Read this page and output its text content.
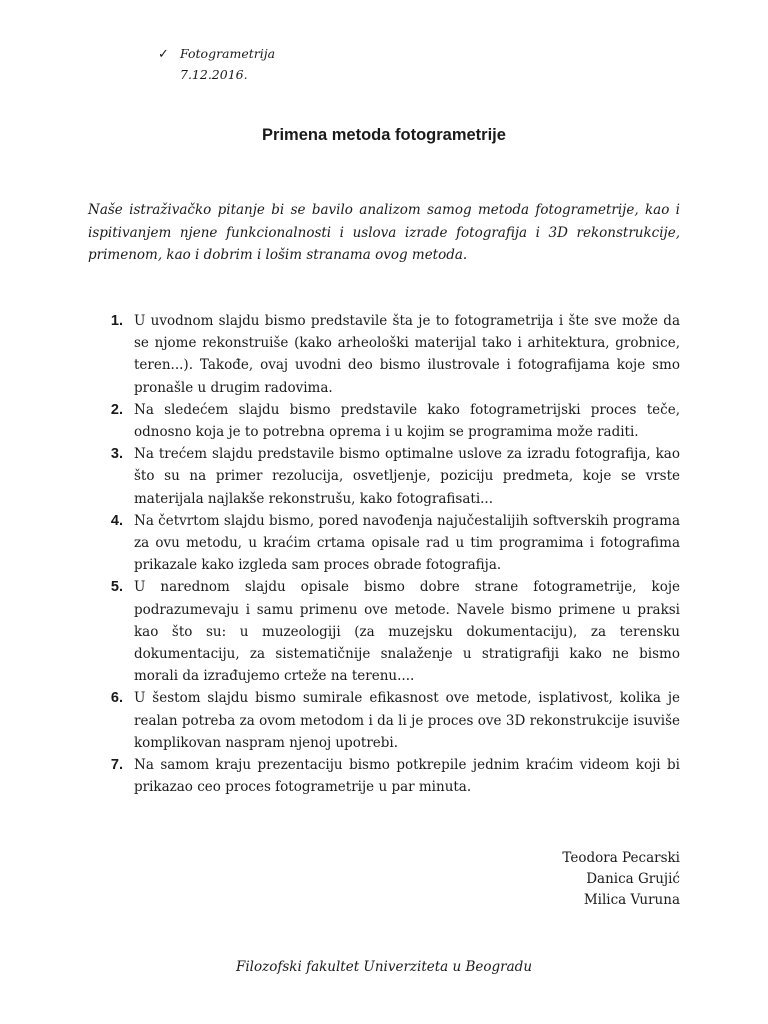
✓ Fotogrametrija
7.12.2016.
Primena metoda fotogrametrije

Naše istraživačko pitanje bi se bavilo analizom samog metoda fotogrametrije, kao i ispitivanjem njene funkcionalnosti i uslova izrade fotografija i 3D rekonstrukcije, primenom, kao i dobrim i lošim stranama ovog metoda.

1. U uvodnom slajdu bismo predstavile šta je to fotogrametrija i šte sve može da se njome rekonstruiše (kako arheološki materijal tako i arhitektura, grobnice, teren...). Takođe, ovaj uvodni deo bismo ilustrovale i fotografijama koje smo pronašle u drugim radovima.
2. Na sledećem slajdu bismo predstavile kako fotogrametrijski proces teče, odnosno koja je to potrebna oprema i u kojim se programima može raditi.
3. Na trećem slajdu predstavile bismo optimalne uslove za izradu fotografija, kao što su na primer rezolucija, osvetljenje, poziciju predmeta, koje se vrste materijala najlakše rekonstrušu, kako fotografisati...
4. Na četvrtom slajdu bismo, pored navođenja najučestalijih softverskih programa za ovu metodu, u kraćim crtama opisale rad u tim programima i fotografima prikazale kako izgleda sam proces obrade fotografija.
5. U narednom slajdu opisale bismo dobre strane fotogrametrije, koje podrazumevaju i samu primenu ove metode. Navele bismo primene u praksi kao što su: u muzeologiji (za muzejsku dokumentaciju), za terensku dokumentaciju, za sistematičnije snalaženje u stratigrafiji kako ne bismo morali da izrađujemo crteže na terenu....
6. U šestom slajdu bismo sumirale efikasnost ove metode, isplativost, kolika je realan potreba za ovom metodom i da li je proces ove 3D rekonstrukcije isuviše komplikovan naspram njenoj upotrebi.
7. Na samom kraju prezentaciju bismo potkrepile jednim kraćim videom koji bi prikazao ceo proces fotogrametrije u par minuta.
Teodora Pecarski
Danica Grujić
Milica Vuruna
Filozofski fakultet Univerziteta u Beogradu
